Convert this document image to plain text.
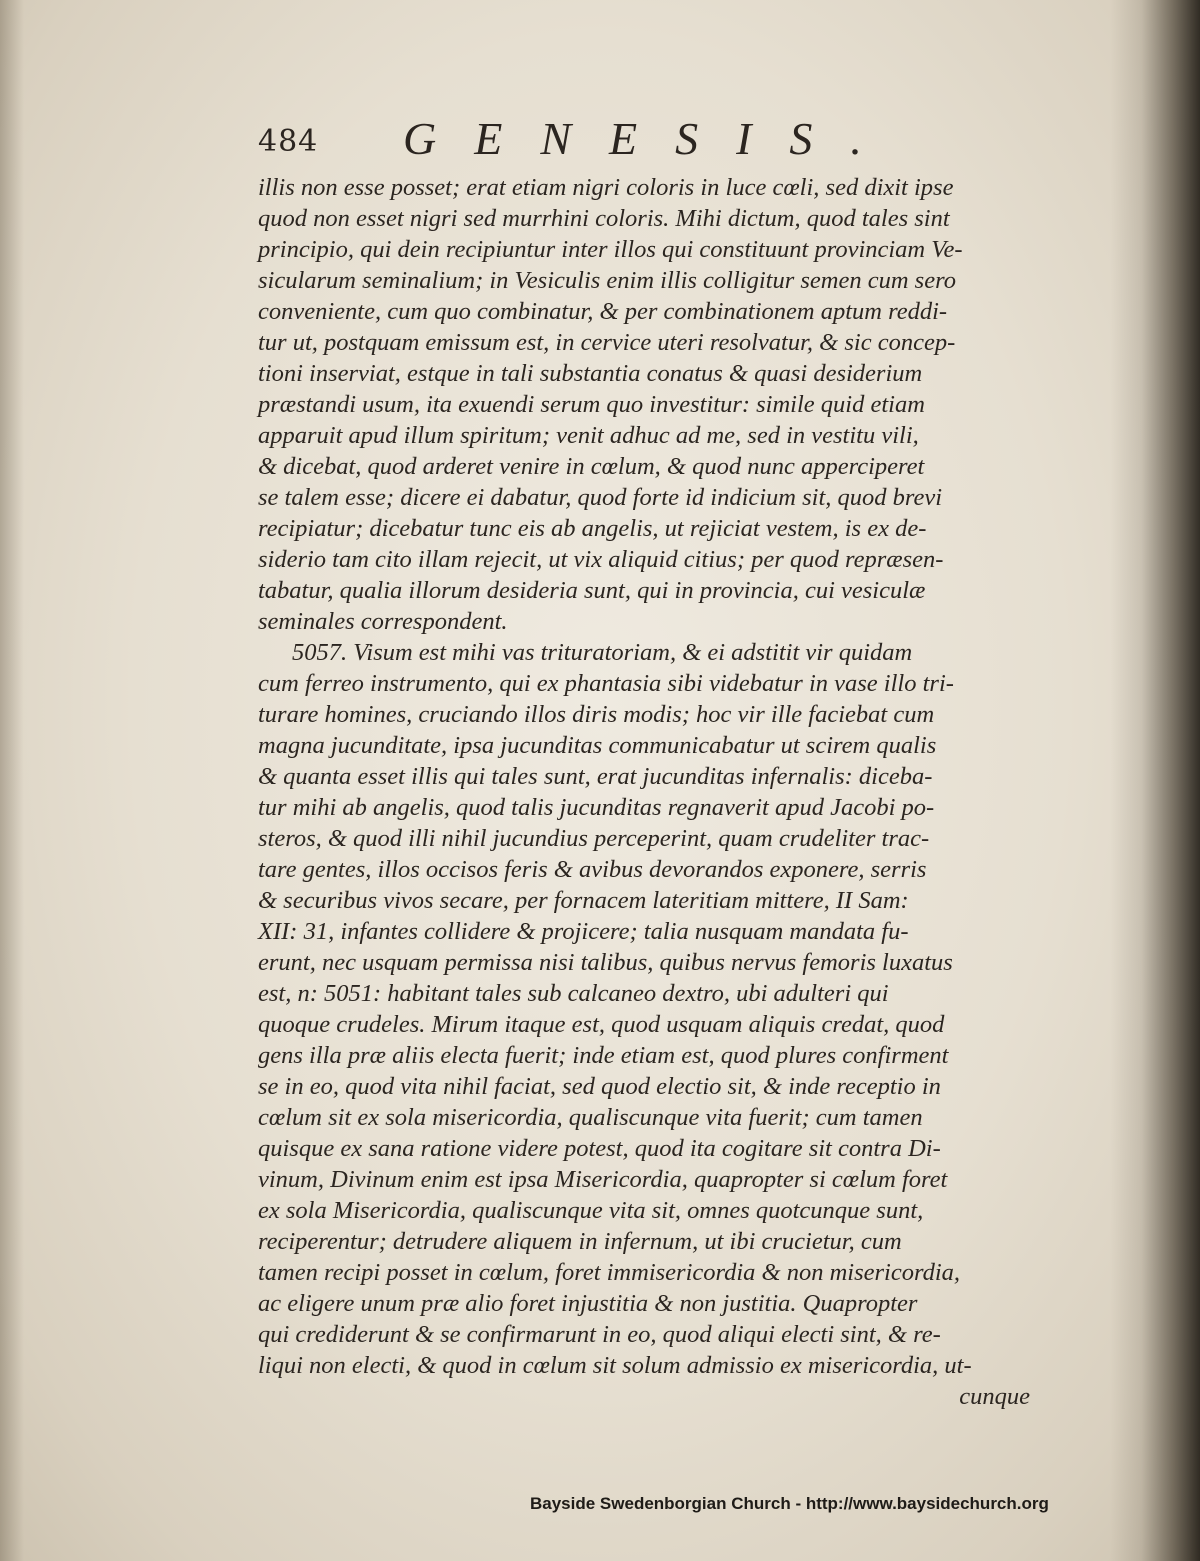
484 GENESIS.
illis non esse posset; erat etiam nigri coloris in luce cœli, sed dixit ipse
quod non esset nigri sed murrhini coloris. Mihi dictum, quod tales sint
principio, qui dein recipiuntur inter illos qui constituunt provinciam Ve-
sicularum seminalium; in Vesiculis enim illis colligitur semen cum sero
conveniente, cum quo combinatur, & per combinationem aptum reddi-
tur ut, postquam emissum est, in cervice uteri resolvatur, & sic concep-
tioni inserviat, estque in tali substantia conatus & quasi desiderium
præstandi usum, ita exuendi serum quo investitur: simile quid etiam
apparuit apud illum spiritum; venit adhuc ad me, sed in vestitu vili,
& dicebat, quod arderet venire in cœlum, & quod nunc apperciperet
se talem esse; dicere ei dabatur, quod forte id indicium sit, quod brevi
recipiatur; dicebatur tunc eis ab angelis, ut rejiciat vestem, is ex de-
siderio tam cito illam rejecit, ut vix aliquid citius; per quod repræsen-
tabatur, qualia illorum desideria sunt, qui in provincia, cui vesiculæ
seminales correspondent.
5057. Visum est mihi vas trituratoriam, & ei adstitit vir quidam
cum ferreo instrumento, qui ex phantasia sibi videbatur in vase illo tri-
turare homines, cruciando illos diris modis; hoc vir ille faciebat cum
magna jucunditate, ipsa jucunditas communicabatur ut scirem qualis
& quanta esset illis qui tales sunt, erat jucunditas infernalis: diceba-
tur mihi ab angelis, quod talis jucunditas regnaverit apud Jacobi po-
steros, & quod illi nihil jucundius perceperint, quam crudeliter trac-
tare gentes, illos occisos feris & avibus devorandos exponere, serris
& securibus vivos secare, per fornacem lateritiam mittere, II Sam:
XII: 31, infantes collidere & projicere; talia nusquam mandata fu-
erunt, nec usquam permissa nisi talibus, quibus nervus femoris luxatus
est, n: 5051: habitant tales sub calcaneo dextro, ubi adulteri qui
quoque crudeles. Mirum itaque est, quod usquam aliquis credat, quod
gens illa præ aliis electa fuerit; inde etiam est, quod plures confirment
se in eo, quod vita nihil faciat, sed quod electio sit, & inde receptio in
cœlum sit ex sola misericordia, qualiscunque vita fuerit; cum tamen
quisque ex sana ratione videre potest, quod ita cogitare sit contra Di-
vinum, Divinum enim est ipsa Misericordia, quapropter si cœlum foret
ex sola Misericordia, qualiscunque vita sit, omnes quotcunque sunt,
reciperentur; detrudere aliquem in infernum, ut ibi crucietur, cum
tamen recipi posset in cœlum, foret immisericordia & non misericordia,
ac eligere unum præ alio foret injustitia & non justitia. Quapropter
qui crediderunt & se confirmarunt in eo, quod aliqui electi sint, & re-
liqui non electi, & quod in cœlum sit solum admissio ex misericordia, ut-
cunque
Bayside Swedenborgian Church - http://www.baysidechurch.org
